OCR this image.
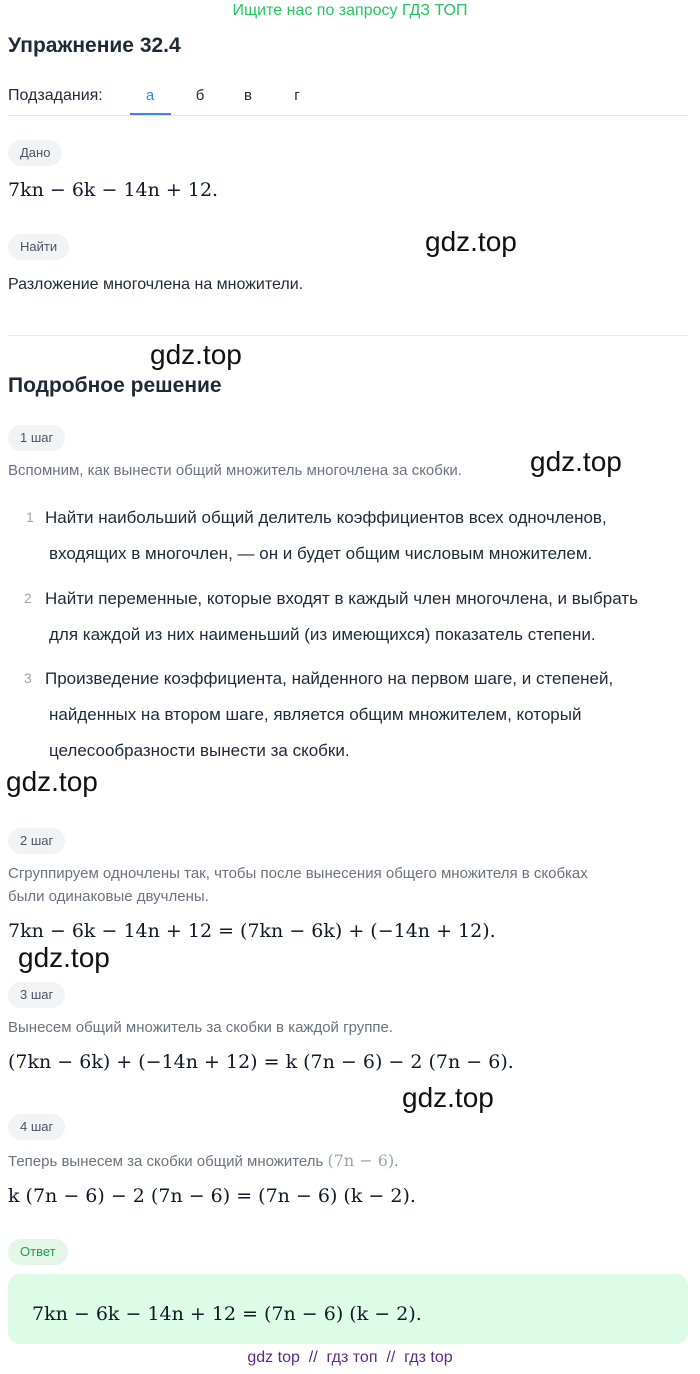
Ищите нас по запросу ГДЗ ТОП
Упражнение 32.4
Подзадания:	а	б	в	г
Дано
7kn − 6k − 14n + 12.
Найти
Разложение многочлена на множители.
gdz.top
gdz.top
Подробное решение
1 шаг
Вспомним, как вынести общий множитель многочлена за скобки. gdz.top
1 Найти наибольший общий делитель коэффициентов всех одночленов,
входящих в многочлен, — он и будет общим числовым множителем.
2 Найти переменные, которые входят в каждый член многочлена, и выбрать
для каждой из них наименьший (из имеющихся) показатель степени.
3 Произведение коэффициента, найденного на первом шаге, и степеней,
найденных на втором шаге, является общим множителем, который
целесообразности вынести за скобки.
gdz.top
2 шаг
Сгруппируем одночлены так, чтобы после вынесения общего множителя в скобках
были одинаковые двучлены.
7kn − 6k − 14n + 12 = (7kn − 6k) + (−14n + 12).
gdz.top
3 шаг
Вынесем общий множитель за скобки в каждой группе.
(7kn − 6k) + (−14n + 12) = k (7n − 6) − 2 (7n − 6).
gdz.top
4 шаг
Теперь вынесем за скобки общий множитель (7n − 6).
k (7n − 6) − 2 (7n − 6) = (7n − 6) (k − 2).
Ответ
7kn − 6k − 14n + 12 = (7n − 6) (k − 2).
gdz top  //  гдз топ  //  гдз top
